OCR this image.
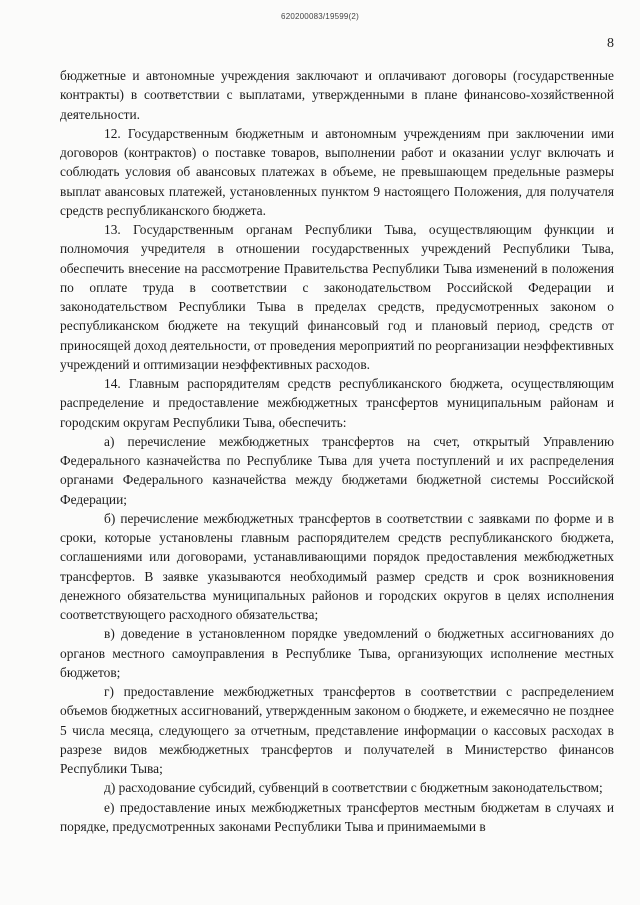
620200083/19599(2)
8

бюджетные и автономные учреждения заключают и оплачивают договоры (государственные контракты) в соответствии с выплатами, утвержденными в плане финансово-хозяйственной деятельности.

12. Государственным бюджетным и автономным учреждениям при заключении ими договоров (контрактов) о поставке товаров, выполнении работ и оказании услуг включать и соблюдать условия об авансовых платежах в объеме, не превышающем предельные размеры выплат авансовых платежей, установленных пунктом 9 настоящего Положения, для получателя средств республиканского бюджета.

13. Государственным органам Республики Тыва, осуществляющим функции и полномочия учредителя в отношении государственных учреждений Республики Тыва, обеспечить внесение на рассмотрение Правительства Республики Тыва изменений в положения по оплате труда в соответствии с законодательством Российской Федерации и законодательством Республики Тыва в пределах средств, предусмотренных законом о республиканском бюджете на текущий финансовый год и плановый период, средств от приносящей доход деятельности, от проведения мероприятий по реорганизации неэффективных учреждений и оптимизации неэффективных расходов.

14. Главным распорядителям средств республиканского бюджета, осуществляющим распределение и предоставление межбюджетных трансфертов муниципальным районам и городским округам Республики Тыва, обеспечить:

а) перечисление межбюджетных трансфертов на счет, открытый Управлению Федерального казначейства по Республике Тыва для учета поступлений и их распределения органами Федерального казначейства между бюджетами бюджетной системы Российской Федерации;

б) перечисление межбюджетных трансфертов в соответствии с заявками по форме и в сроки, которые установлены главным распорядителем средств республиканского бюджета, соглашениями или договорами, устанавливающими порядок предоставления межбюджетных трансфертов. В заявке указываются необходимый размер средств и срок возникновения денежного обязательства муниципальных районов и городских округов в целях исполнения соответствующего расходного обязательства;

в) доведение в установленном порядке уведомлений о бюджетных ассигнованиях до органов местного самоуправления в Республике Тыва, организующих исполнение местных бюджетов;

г) предоставление межбюджетных трансфертов в соответствии с распределением объемов бюджетных ассигнований, утвержденным законом о бюджете, и ежемесячно не позднее 5 числа месяца, следующего за отчетным, представление информации о кассовых расходах в разрезе видов межбюджетных трансфертов и получателей в Министерство финансов Республики Тыва;

д) расходование субсидий, субвенций в соответствии с бюджетным законодательством;

е) предоставление иных межбюджетных трансфертов местным бюджетам в случаях и порядке, предусмотренных законами Республики Тыва и принимаемыми в
